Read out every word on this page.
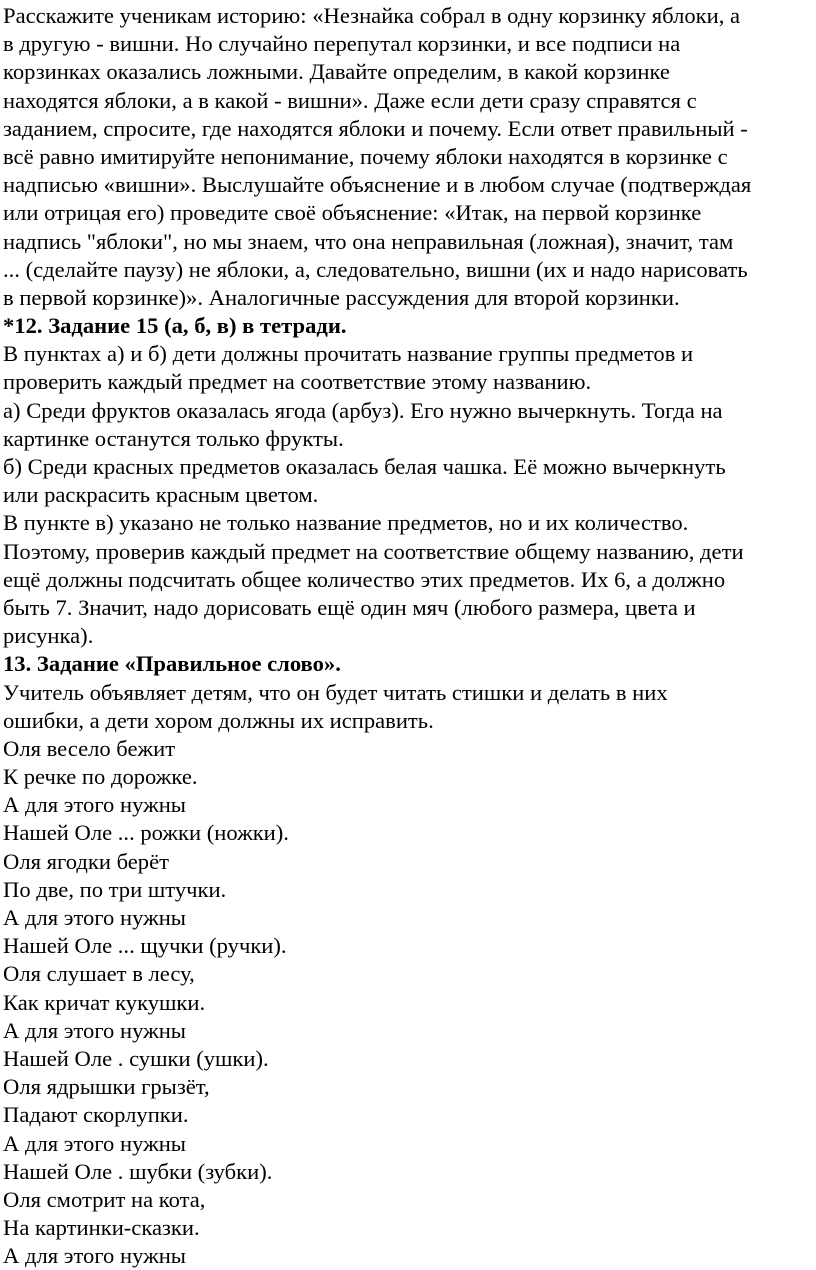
Расскажите ученикам историю: «Незнайка собрал в одну корзинку яблоки, а
в другую - вишни. Но случайно перепутал корзинки, и все подписи на
корзинках оказались ложными. Давайте определим, в какой корзинке
находятся яблоки, а в какой - вишни». Даже если дети сразу справятся с
заданием, спросите, где находятся яблоки и почему. Если ответ правильный -
всё равно имитируйте непонимание, почему яблоки находятся в корзинке с
надписью «вишни». Выслушайте объяснение и в любом случае (подтверждая
или отрицая его) проведите своё объяснение: «Итак, на первой корзинке
надпись "яблоки", но мы знаем, что она неправильная (ложная), значит, там
... (сделайте паузу) не яблоки, а, следовательно, вишни (их и надо нарисовать
в первой корзинке)». Аналогичные рассуждения для второй корзинки.
*12. Задание 15 (а, б, в) в тетради.
В пунктах а) и б) дети должны прочитать название группы предметов и
проверить каждый предмет на соответствие этому названию.
а) Среди фруктов оказалась ягода (арбуз). Его нужно вычеркнуть. Тогда на
картинке останутся только фрукты.
б) Среди красных предметов оказалась белая чашка. Её можно вычеркнуть
или раскрасить красным цветом.
В пункте в) указано не только название предметов, но и их количество.
Поэтому, проверив каждый предмет на соответствие общему названию, дети
ещё должны подсчитать общее количество этих предметов. Их 6, а должно
быть 7. Значит, надо дорисовать ещё один мяч (любого размера, цвета и
рисунка).
13. Задание «Правильное слово».
Учитель объявляет детям, что он будет читать стишки и делать в них
ошибки, а дети хором должны их исправить.
Оля весело бежит
К речке по дорожке.
А для этого нужны
Нашей Оле ... рожки (ножки).
Оля ягодки берёт
По две, по три штучки.
А для этого нужны
Нашей Оле ... щучки (ручки).
Оля слушает в лесу,
Как кричат кукушки.
А для этого нужны
Нашей Оле . сушки (ушки).
Оля ядрышки грызёт,
Падают скорлупки.
А для этого нужны
Нашей Оле . шубки (зубки).
Оля смотрит на кота,
На картинки-сказки.
А для этого нужны
